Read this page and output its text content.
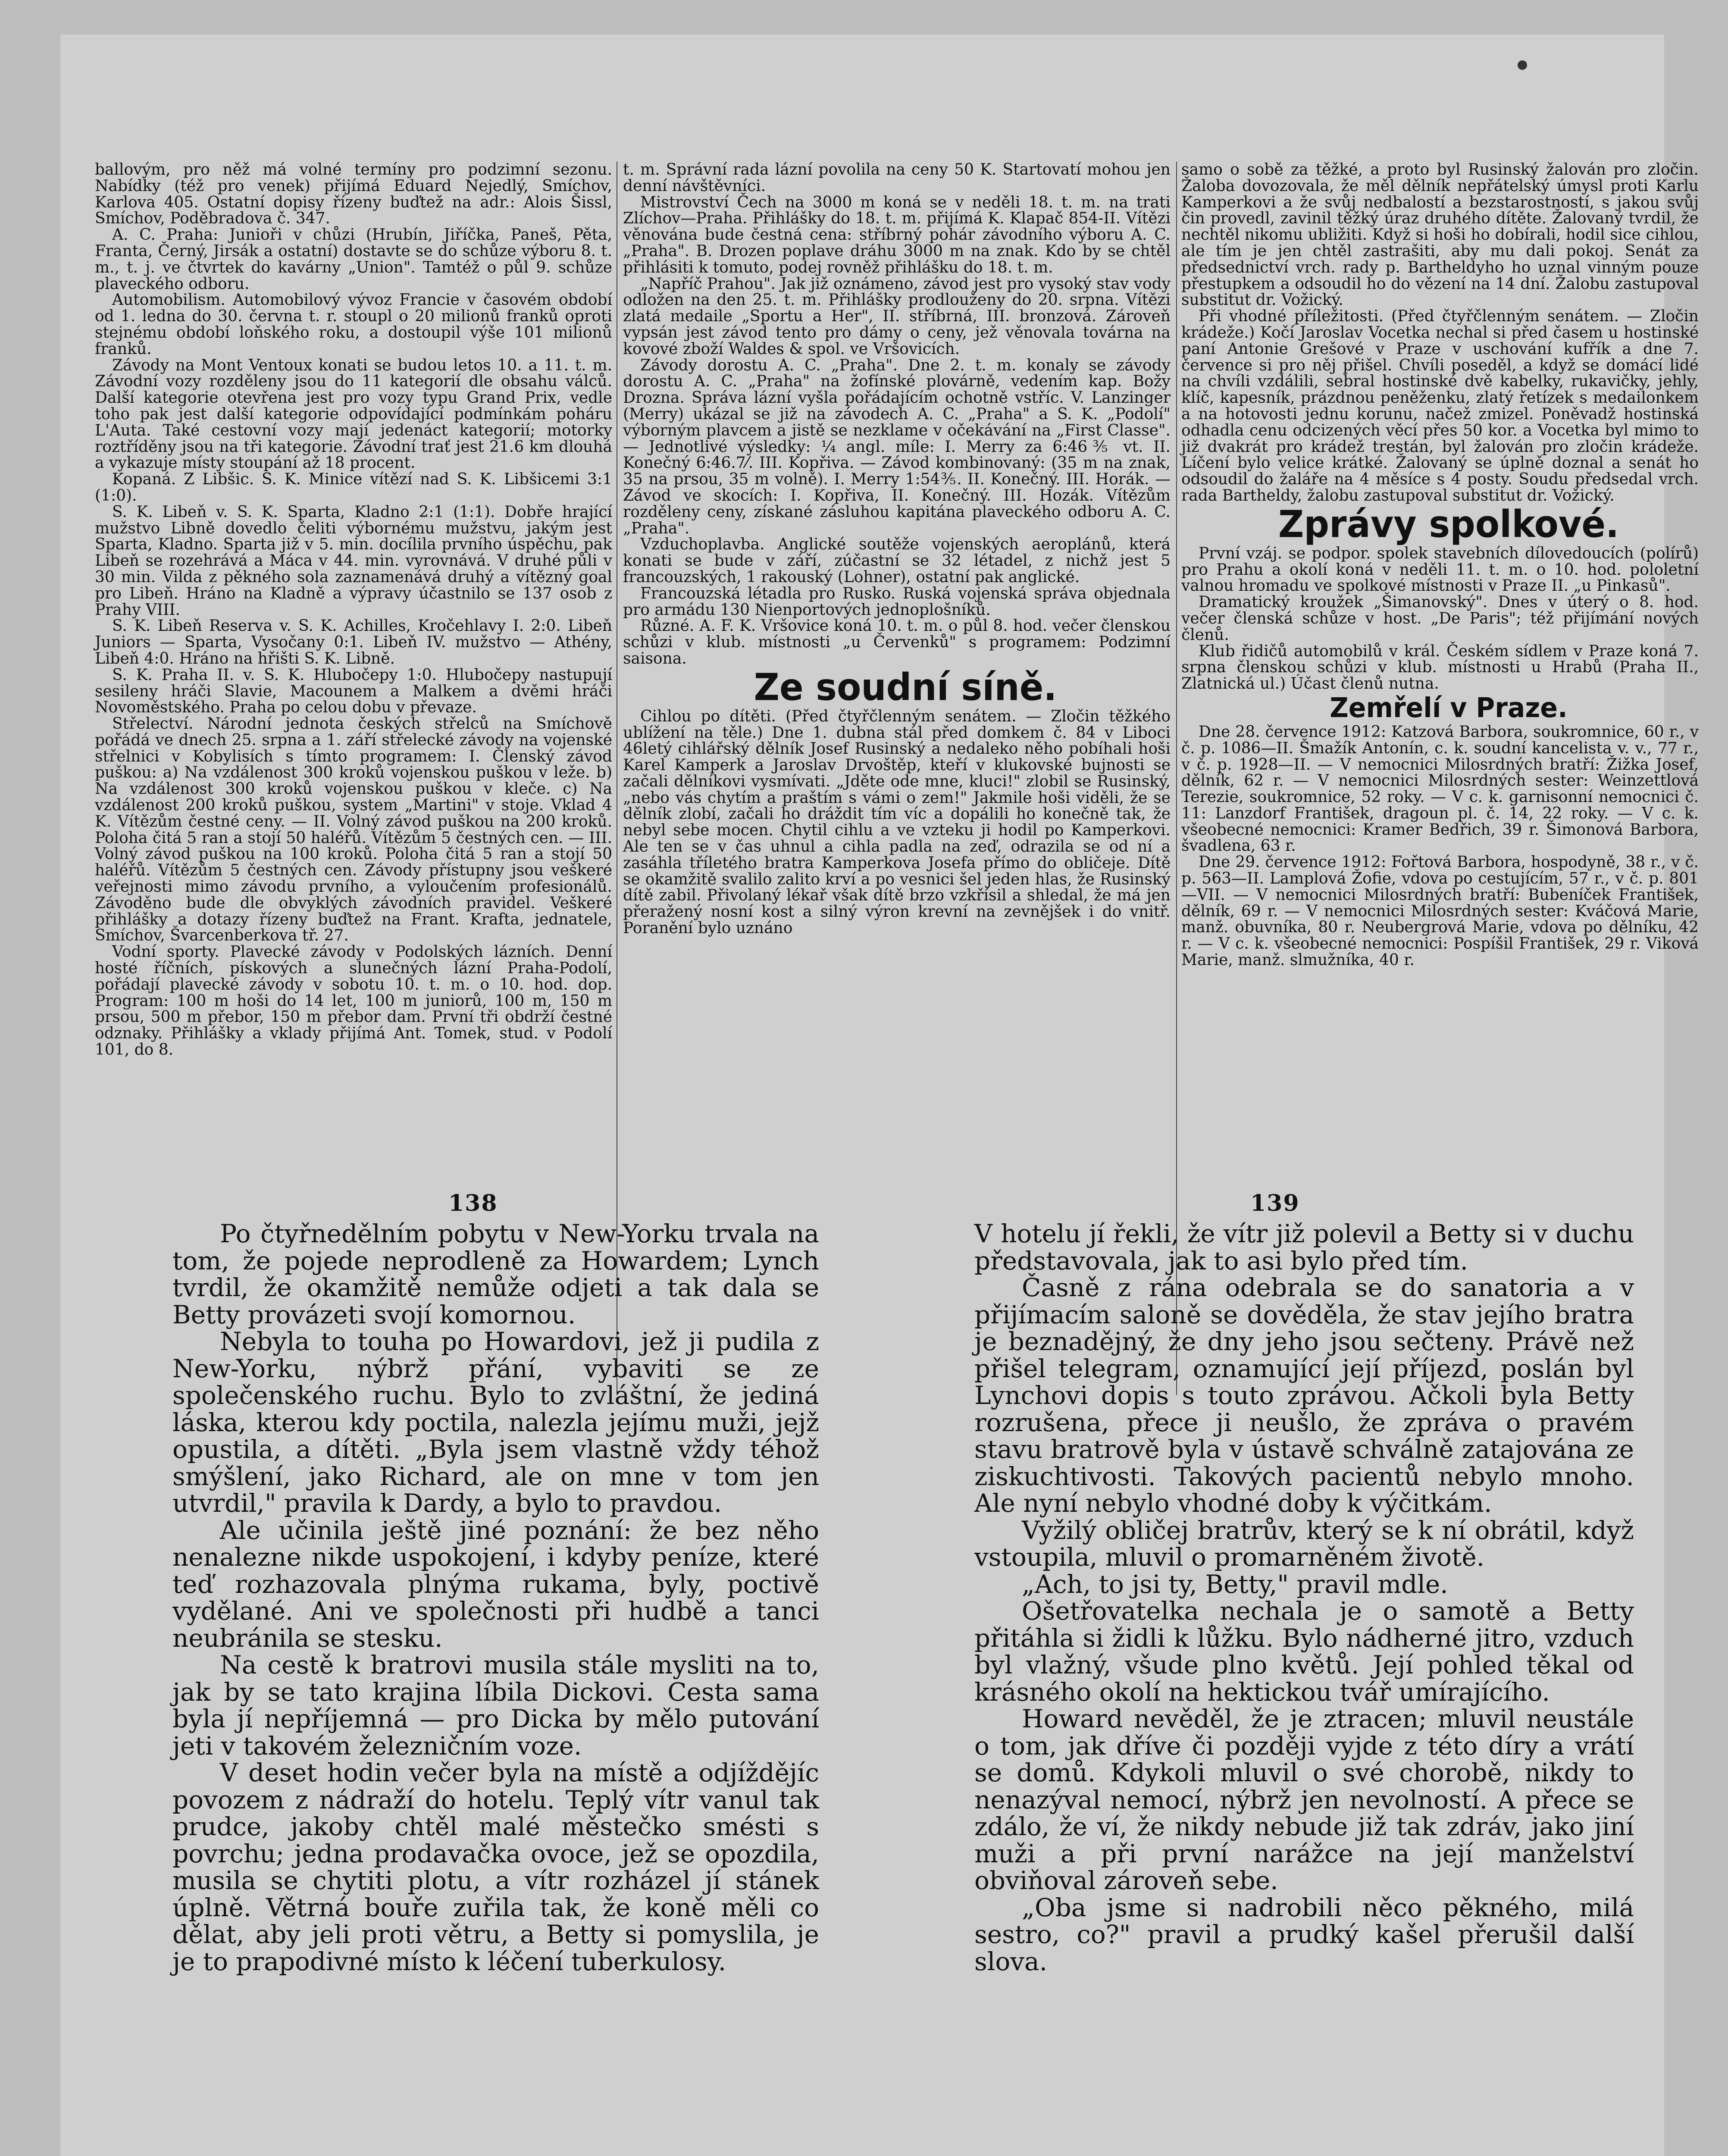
ballovým, pro něž má volné termíny pro podzimní sezonu. Nabídky (též pro venek) přijímá Eduard Nejedlý, Smíchov, Karlova 405. Ostatní dopisy řízeny buďtež na adr.: Alois Šissl, Smíchov, Poděbradova č. 347.

A. C. Praha: Junioři v chůzi (Hrubín, Jiříčka, Paneš, Pěta, Franta, Černý, Jirsák a ostatní) dostavte se do schůze výboru 8. t. m., t. j. ve čtvrtek do kavárny „Union". Tamtéž o půl 9. schůze plaveckého odboru.

Automobilism. Automobilový vývoz Francie v časovém období od 1. ledna do 30. června t. r. stoupl o 20 milionů franků oproti stejnému období loňského roku, a dostoupil výše 101 milionů franků.

Závody na Mont Ventoux konati se budou letos 10. a 11. t. m. Závodní vozy rozděleny jsou do 11 kategorií dle obsahu válců. Další kategorie otevřena jest pro vozy typu Grand Prix, vedle toho pak jest další kategorie odpovídající podmínkám poháru L'Auta. Také cestovní vozy mají jedenáct kategorií; motorky roztříděny jsou na tři kategorie. Závodní trať jest 21.6 km dlouhá a vykazuje místy stoupání až 18 procent.

Kopaná. Z Libšic. S. K. Minice vítězí nad S. K. Libšicemi 3:1 (1:0).

S. K. Libeň v. S. K. Sparta, Kladno 2:1 (1:1). Dobře hrající mužstvo Libně dovedlo čeliti výbornému mužstvu, jakým jest Sparta, Kladno. Sparta již v 5. min. docílila prvního úspěchu, pak Libeň se rozehrává a Máca v 44. min. vyrovnává. V druhé půli v 30 min. Vilda z pěkného sola zaznamenává druhý a vítězný goal pro Libeň. Hráno na Kladně a výpravy účastnilo se 137 osob z Prahy VIII.

S. K. Libeň Reserva v. S. K. Achilles, Kročehlavy I. 2:0. Libeň Juniors — Sparta, Vysočany 0:1. Libeň IV. mužstvo — Athény, Libeň 4:0. Hráno na hřišti S. K. Libně.

S. K. Praha II. v. S. K. Hlubočepy 1:0. Hlubočepy nastupují sesileny hráči Slavie, Macounem a Malkem a dvěmi hráči Novoměstského. Praha po celou dobu v převaze.

Střelectví. Národní jednota českých střelců na Smíchově pořádá ve dnech 25. srpna a 1. září střelecké závody na vojenské střelnici v Kobylisích s tímto programem: I. Členský závod puškou: a) Na vzdálenost 300 kroků vojenskou puškou v leže. b) Na vzdálenost 300 kroků vojenskou puškou v kleče. c) Na vzdálenost 200 kroků puškou, system „Martini" v stoje. Vklad 4 K. Vítězům čestné ceny. — II. Volný závod puškou na 200 kroků. Poloha čitá 5 ran a stojí 50 haléřů. Vítězům 5 čestných cen. — III. Volný závod puškou na 100 kroků. Poloha čitá 5 ran a stojí 50 haléřů. Vítězům 5 čestných cen. Závody přístupny jsou veškeré veřejnosti mimo závodu prvního, a vyloučením profesionálů. Závoděno bude dle obvyklých závodních pravidel. Veškeré přihlášky a dotazy řízeny buďtež na Frant. Krafta, jednatele, Smíchov, Švarcenberkova tř. 27.

Vodní sporty. Plavecké závody v Podolských lázních. Denní hosté říčních, pískových a slunečných lázní Praha-Podolí, pořádají plavecké závody v sobotu 10. t. m. o 10. hod. dop. Program: 100 m hoši do 14 let, 100 m juniorů, 100 m, 150 m prsou, 500 m přebor, 150 m přebor dam. První tři obdrží čestné odznaky. Přihlášky a vklady přijímá Ant. Tomek, stud. v Podolí 101, do 8.

t. m. Správní rada lázní povolila na ceny 50 K. Startovatí mohou jen denní návštěvníci.

Mistrovství Čech na 3000 m koná se v neděli 18. t. m. na trati Zlíchov—Praha. Přihlášky do 18. t. m. přijímá K. Klapač 854-II. Vítězi věnována bude čestná cena: stříbrný pohár závodního výboru A. C. „Praha". B. Drozen poplave dráhu 3000 m na znak. Kdo by se chtěl přihlásiti k tomuto, podej rovněž přihlášku do 18. t. m.

„Napříč Prahou". Jak již oznámeno, závod jest pro vysoký stav vody odložen na den 25. t. m. Přihlášky prodlouženy do 20. srpna. Vítězi zlatá medaile „Sportu a Her", II. stříbrná, III. bronzová. Zároveň vypsán jest závod tento pro dámy o ceny, jež věnovala továrna na kovové zboží Waldes & spol. ve Vršovicích.

Závody dorostu A. C. „Praha". Dne 2. t. m. konaly se závody dorostu A. C. „Praha" na žofínské plovárně, vedením kap. Božy Drozna. Správa lázní vyšla pořádajícím ochotně vstříc. V. Lanzinger (Merry) ukázal se již na závodech A. C. „Praha" a S. K. „Podolí" výborným plavcem a jistě se nezklame v očekávání na „First Classe". — Jednotlivé výsledky: ¼ angl. míle: I. Merry za 6:46⅗ vt. II. Konečný 6:46.7⁄. III. Kopřiva. — Závod kombinovaný: (35 m na znak, 35 na prsou, 35 m volně). I. Merry 1:54⅗. II. Konečný. III. Horák. — Závod ve skocích: I. Kopřiva, II. Konečný. III. Hozák. Vítězům rozděleny ceny, získané zásluhou kapitána plaveckého odboru A. C. „Praha".

Vzduchoplavba. Anglické soutěže vojenských aeroplánů, která konati se bude v září, zúčastní se 32 létadel, z nichž jest 5 francouzských, 1 rakouský (Lohner), ostatní pak anglické.

Francouzská létadla pro Rusko. Ruská vojenská správa objednala pro armádu 130 Nienportových jednoplošníků.

Různé. A. F. K. Vršovice koná 10. t. m. o půl 8. hod. večer členskou schůzi v klub. místnosti „u Červenků" s programem: Podzimní saisona.

Ze soudní síně.

Cihlou po dítěti. (Před čtyřčlenným senátem. — Zločin těžkého ublížení na těle.) Dne 1. dubna stál před domkem č. 84 v Liboci 46letý cihlářský dělník Josef Rusinský a nedaleko něho pobíhali hoši Karel Kamperk a Jaroslav Drvoštěp, kteří v klukovské bujnosti se začali dělníkovi vysmívati. „Jděte ode mne, kluci!" zlobil se Rusinský, „nebo vás chytím a praštím s vámi o zem!" Jakmile hoši viděli, že se dělník zlobí, začali ho dráždit tím víc a dopálili ho konečně tak, že nebyl sebe mocen. Chytil cihlu a ve vzteku ji hodil po Kamperkovi. Ale ten se v čas uhnul a cihla padla na zeď, odrazila se od ní a zasáhla tříletého bratra Kamperkova Josefa přímo do obličeje. Dítě se okamžitě svalilo zalito krví a po vesnici šel jeden hlas, že Rusinský dítě zabil. Přivolaný lékař však dítě brzo vzkřísil a shledal, že má jen přeražený nosní kost a silný výron krevní na zevnějšek i do vnitř. Poranění bylo uznáno

samo o sobě za těžké, a proto byl Rusinský žalován pro zločin. Žaloba dovozovala, že měl dělník nepřátelský úmysl proti Karlu Kamperkovi a že svůj nedbalostí a bezstarostností, s jakou svůj čin provedl, zavinil těžký úraz druhého dítěte. Žalovaný tvrdil, že nechtěl nikomu ubližiti. Když si hoši ho dobírali, hodil sice cihlou, ale tím je jen chtěl zastrašiti, aby mu dali pokoj. Senát za předsednictví vrch. rady p. Bartheldyho ho uznal vinným pouze přestupkem a odsoudil ho do vězení na 14 dní. Žalobu zastupoval substitut dr. Vožický.

Při vhodné příležitosti. (Před čtyřčlenným senátem. — Zločin krádeže.) Kočí Jaroslav Vocetka nechal si před časem u hostinské paní Antonie Grešové v Praze v uschování kufřík a dne 7. července si pro něj přišel. Chvíli poseděl, a když se domácí lidé na chvíli vzdálili, sebral hostinské dvě kabelky, rukavičky, jehly, klíč, kapesník, prázdnou peněženku, zlatý řetízek s medailonkem a na hotovosti jednu korunu, načež zmizel. Poněvadž hostinská odhadla cenu odcizených věcí přes 50 kor. a Vocetka byl mimo to již dvakrát pro krádež trestán, byl žalován pro zločin krádeže. Líčení bylo velice krátké. Žalovaný se úplně doznal a senát ho odsoudil do žaláře na 4 měsíce s 4 posty. Soudu předsedal vrch. rada Bartheldy, žalobu zastupoval substitut dr. Vožický.

Zprávy spolkové.

První vzáj. se podpor. spolek stavebních dílovedoucích (polírů) pro Prahu a okolí koná v neděli 11. t. m. o 10. hod. pololetní valnou hromadu ve spolkové místnosti v Praze II. „u Pinkasů".

Dramatický kroužek „Šimanovský". Dnes v úterý o 8. hod. večer členská schůze v host. „De Paris"; též přijímání nových členů.

Klub řidičů automobilů v král. Českém sídlem v Praze koná 7. srpna členskou schůzi v klub. místnosti u Hrabů (Praha II., Zlatnická ul.) Účast členů nutna.

Zemřelí v Praze.

Dne 28. července 1912: Katzová Barbora, soukromnice, 60 r., v č. p. 1086—II. Šmažík Antonín, c. k. soudní kancelista v. v., 77 r., v č. p. 1928—II. — V nemocnici Milosrdných bratří: Žižka Josef, dělník, 62 r. — V nemocnici Milosrdných sester: Weinzettlová Terezie, soukromnice, 52 roky. — V c. k. garnisonní nemocnici č. 11: Lanzdorf František, dragoun pl. č. 14, 22 roky. — V c. k. všeobecné nemocnici: Kramer Bedřich, 39 r. Šimonová Barbora, švadlena, 63 r.

Dne 29. července 1912: Fořtová Barbora, hospodyně, 38 r., v č. p. 563—II. Lamplová Žofie, vdova po cestujícím, 57 r., v č. p. 801—VII. — V nemocnici Milosrdných bratří: Bubeníček František, dělník, 69 r. — V nemocnici Milosrdných sester: Kváčová Marie, manž. obuvníka, 80 r. Neubergrová Marie, vdova po dělníku, 42 r. — V c. k. všeobecné nemocnici: Pospíšil František, 29 r. Viková Marie, manž. slmužníka, 40 r.

138	139

Po čtyřnedělním pobytu v New-Yorku trvala na tom, že pojede neprodleně za Howardem; Lynch tvrdil, že okamžitě nemůže odjeti a tak dala se Betty provázeti svojí komornou.

Nebyla to touha po Howardovi, jež ji pudila z New-Yorku, nýbrž přání, vybaviti se ze společenského ruchu. Bylo to zvláštní, že jediná láska, kterou kdy poctila, nalezla jejímu muži, jejž opustila, a dítěti. „Byla jsem vlastně vždy téhož smýšlení, jako Richard, ale on mne v tom jen utvrdil," pravila k Dardy, a bylo to pravdou.

Ale učinila ještě jiné poznání: že bez něho nenalezne nikde uspokojení, i kdyby peníze, které teď rozhazovala plnýma rukama, byly, poctivě vydělané. Ani ve společnosti při hudbě a tanci neubránila se stesku.

Na cestě k bratrovi musila stále mysliti na to, jak by se tato krajina líbila Dickovi. Cesta sama byla jí nepříjemná — pro Dicka by mělo putování jeti v takovém železničním voze.

V deset hodin večer byla na místě a odjíždějíc povozem z nádraží do hotelu. Teplý vítr vanul tak prudce, jakoby chtěl malé městečko smésti s povrchu; jedna prodavačka ovoce, jež se opozdila, musila se chytiti plotu, a vítr rozházel jí stánek úplně. Větrná bouře zuřila tak, že koně měli co dělat, aby jeli proti větru, a Betty si pomyslila, je je to prapodivné místo k léčení tuberkulosy.

V hotelu jí řekli, že vítr již polevil a Betty si v duchu představovala, jak to asi bylo před tím.

Časně z rána odebrala se do sanatoria a v přijímacím saloně se dověděla, že stav jejího bratra je beznadějný, že dny jeho jsou sečteny. Právě než přišel telegram, oznamující její příjezd, poslán byl Lynchovi dopis s touto zprávou. Ačkoli byla Betty rozrušena, přece ji neušlo, že zpráva o pravém stavu bratrově byla v ústavě schválně zatajována ze ziskuchtivosti. Takových pacientů nebylo mnoho. Ale nyní nebylo vhodné doby k výčitkám.

Vyžilý obličej bratrův, který se k ní obrátil, když vstoupila, mluvil o promarněném životě.

„Ach, to jsi ty, Betty," pravil mdle.

Ošetřovatelka nechala je o samotě a Betty přitáhla si židli k lůžku. Bylo nádherné jitro, vzduch byl vlažný, všude plno květů. Její pohled těkal od krásného okolí na hektickou tvář umírajícího.

Howard nevěděl, že je ztracen; mluvil neustále o tom, jak dříve či později vyjde z této díry a vrátí se domů. Kdykoli mluvil o své chorobě, nikdy to nenazýval nemocí, nýbrž jen nevolností. A přece se zdálo, že ví, že nikdy nebude již tak zdráv, jako jiní muži a při první narážce na její manželství obviňoval zároveň sebe.

„Oba jsme si nadrobili něco pěkného, milá sestro, co?" pravil a prudký kašel přerušil další slova.
